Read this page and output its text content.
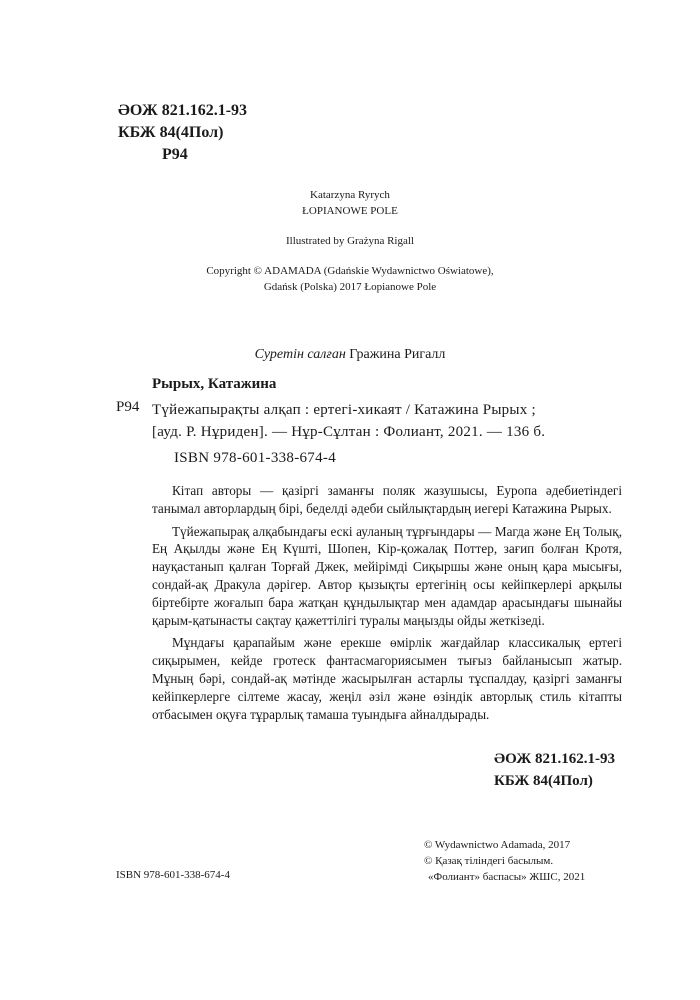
ӘОЖ 821.162.1-93
КБЖ 84(4Пол)
Р94
Katarzyna Ryrych
ŁOPIANOWE POLE
Illustrated by Grażyna Rigall
Copyright © ADAMADA (Gdańskie Wydawnictwo Oświatowe),
Gdańsk (Polska) 2017 Łopianowe Pole
Суретін салған Гражина Ригалл
Рырых, Катажина
Р94 Түйежапырақты алқап : ертегі-хикаят / Катажина Рырых ;
[ауд. Р. Нұриден]. — Нұр-Сұлтан : Фолиант, 2021. — 136 б.
ISBN 978-601-338-674-4

Кітап авторы — қазіргі заманғы поляк жазушысы, Еуропа әдебиетіндегі танымал авторлардың бірі, беделді әдеби сыйлықтардың иегері Катажина Рырых.

Түйежапырақ алқабындағы ескі ауланың тұрғындары — Магда және Ең Толық, Ең Ақылды және Ең Күшті, Шопен, Кір-қожалақ Поттер, зағип болған Кротя, науқастанып қалған Торғай Джек, мейірімді Сиқыршы және оның қара мысығы, сондай-ақ Дракула дәрігер. Автор қызықты ертегінің осы кейіпкерлері арқылы біртебірте жоғалып бара жатқан құндылықтар мен адамдар арасындағы шынайы қарым-қатынасты сақтау қажеттілігі туралы маңызды ойды жеткізеді.

Мұндағы қарапайым және ерекше өмірлік жағдайлар классикалық ертегі сиқырымен, кейде гротеск фантасмагориясымен тығыз байланысып жатыр. Мұның бәрі, сондай-ақ мәтінде жасырылған астарлы тұспалдау, қазіргі заманғы кейіпкерлерге сілтеме жасау, жеңіл әзіл және өзіндік авторлық стиль кітапты отбасымен оқуға тұрарлық тамаша туындыға айналдырады.

ӘОЖ 821.162.1-93
КБЖ 84(4Пол)
© Wydawnictwo Adamada, 2017
© Қазақ тіліндегі басылым.
«Фолиант» баспасы» ЖШС, 2021
ISBN 978-601-338-674-4
